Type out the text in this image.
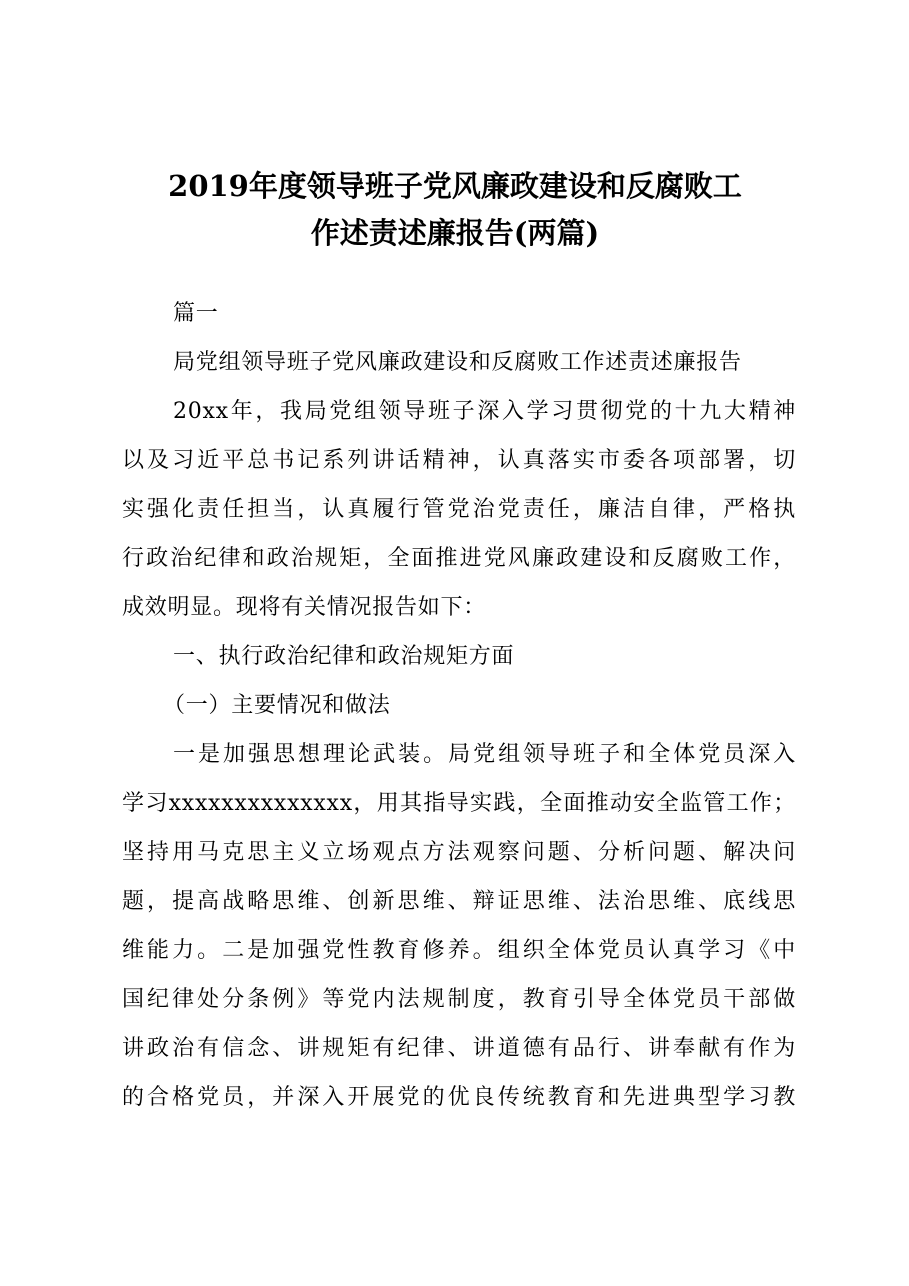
2019年度领导班子党风廉政建设和反腐败工
作述责述廉报告(两篇)
篇一
局党组领导班子党风廉政建设和反腐败工作述责述廉报告
20xx年，我局党组领导班子深入学习贯彻党的十九大精神
以及习近平总书记系列讲话精神，认真落实市委各项部署，切
实强化责任担当，认真履行管党治党责任，廉洁自律，严格执
行政治纪律和政治规矩，全面推进党风廉政建设和反腐败工作，
成效明显。现将有关情况报告如下：
一、执行政治纪律和政治规矩方面
（一）主要情况和做法
一是加强思想理论武装。局党组领导班子和全体党员深入
学习xxxxxxxxxxxxxx，用其指导实践，全面推动安全监管工作；
坚持用马克思主义立场观点方法观察问题、分析问题、解决问
题，提高战略思维、创新思维、辩证思维、法治思维、底线思
维能力。二是加强党性教育修养。组织全体党员认真学习《中
国纪律处分条例》等党内法规制度，教育引导全体党员干部做
讲政治有信念、讲规矩有纪律、讲道德有品行、讲奉献有作为
的合格党员，并深入开展党的优良传统教育和先进典型学习教
